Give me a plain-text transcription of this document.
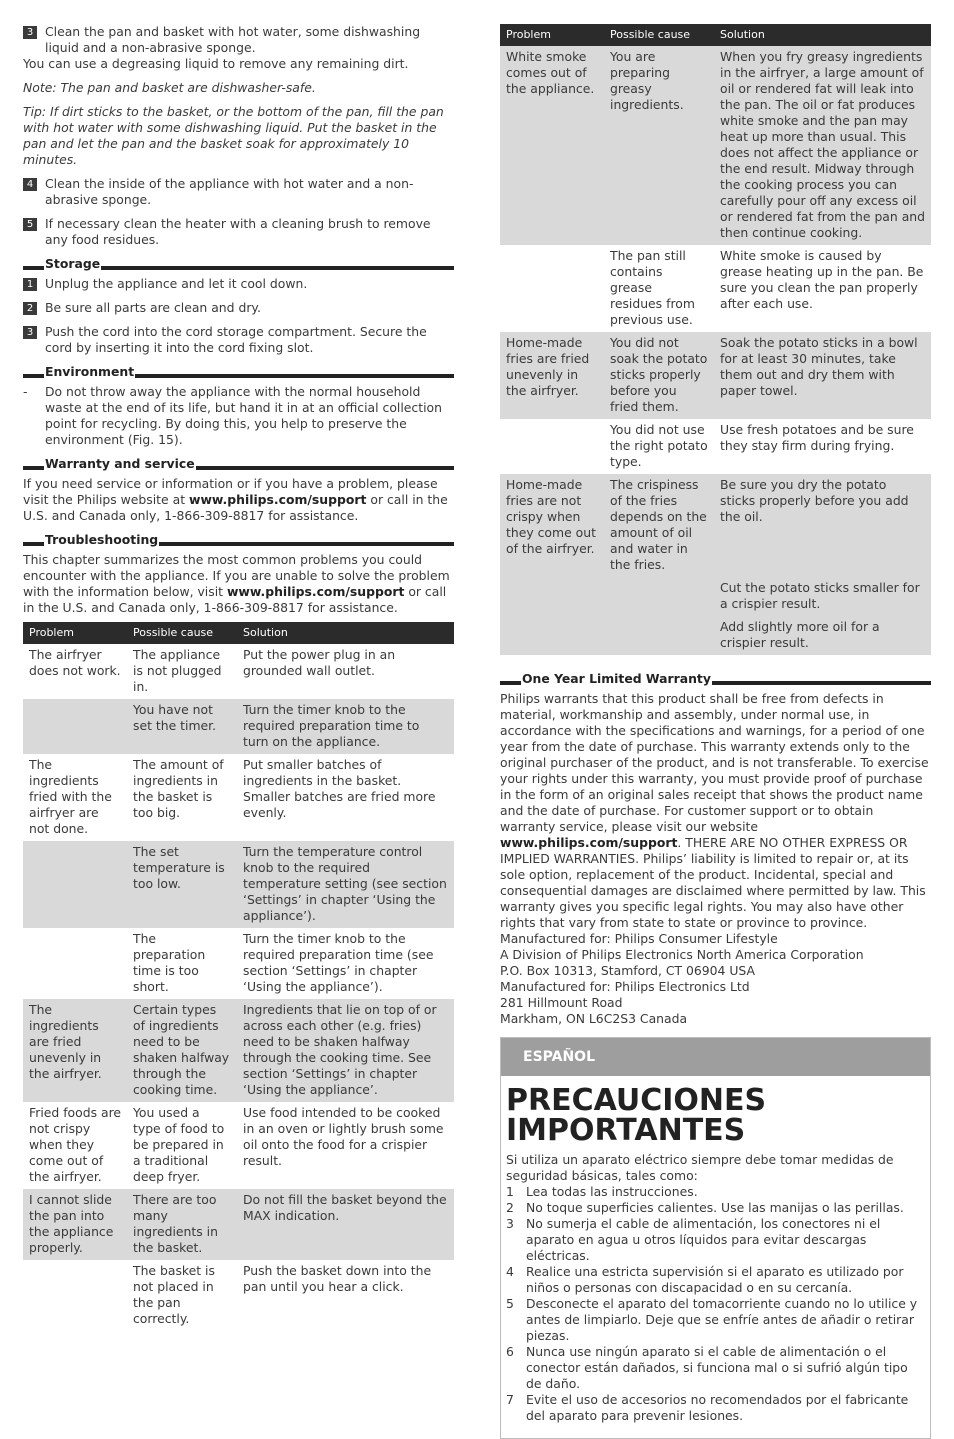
3 Clean the pan and basket with hot water, some dishwashing liquid and a non-abrasive sponge.

You can use a degreasing liquid to remove any remaining dirt.

Note: The pan and basket are dishwasher-safe.

Tip: If dirt sticks to the basket, or the bottom of the pan, fill the pan with hot water with some dishwashing liquid. Put the basket in the pan and let the pan and the basket soak for approximately 10 minutes.

4 Clean the inside of the appliance with hot water and a non-abrasive sponge.
5 If necessary clean the heater with a cleaning brush to remove any food residues.
Storage
1 Unplug the appliance and let it cool down.
2 Be sure all parts are clean and dry.
3 Push the cord into the cord storage compartment. Secure the cord by inserting it into the cord fixing slot.
Environment
-	Do not throw away the appliance with the normal household waste at the end of its life, but hand it in at an official collection point for recycling. By doing this, you help to preserve the environment (Fig. 15).
Warranty and service

If you need service or information or if you have a problem, please visit the Philips website at www.philips.com/support or call in the U.S. and Canada only, 1-866-309-8817 for assistance.

Troubleshooting

This chapter summarizes the most common problems you could encounter with the appliance. If you are unable to solve the problem with the information below, visit www.philips.com/support or call in the U.S. and Canada only, 1-866-309-8817 for assistance.

Problem	Possible cause	Solution
The airfryer does not work.	The appliance is not plugged in.	Put the power plug in an grounded wall outlet.
	You have not set the timer.	Turn the timer knob to the required preparation time to turn on the appliance.
The ingredients fried with the airfryer are not done.	The amount of ingredients in the basket is too big.	Put smaller batches of ingredients in the basket. Smaller batches are fried more evenly.
	The set temperature is too low.	Turn the temperature control knob to the required temperature setting (see section ‘Settings’ in chapter ‘Using the appliance’).
	The preparation time is too short.	Turn the timer knob to the required preparation time (see section ‘Settings’ in chapter ‘Using the appliance’).
The ingredients are fried unevenly in the airfryer.	Certain types of ingredients need to be shaken halfway through the cooking time.	Ingredients that lie on top of or across each other (e.g. fries) need to be shaken halfway through the cooking time. See section ‘Settings’ in chapter ‘Using the appliance’.
Fried foods are not crispy when they come out of the airfryer.	You used a type of food to be prepared in a traditional deep fryer.	Use food intended to be cooked in an oven or lightly brush some oil onto the food for a crispier result.
I cannot slide the pan into the appliance properly.	There are too many ingredients in the basket.	Do not fill the basket beyond the MAX indication.
	The basket is not placed in the pan correctly.	Push the basket down into the pan until you hear a click.
Problem	Possible cause	Solution
White smoke comes out of the appliance.	You are preparing greasy ingredients.	When you fry greasy ingredients in the airfryer, a large amount of oil or rendered fat will leak into the pan. The oil or fat produces white smoke and the pan may heat up more than usual. This does not affect the appliance or the end result. Midway through the cooking process you can carefully pour off any excess oil or rendered fat from the pan and then continue cooking.
	The pan still contains grease residues from previous use.	White smoke is caused by grease heating up in the pan. Be sure you clean the pan properly after each use.
Home-made fries are fried unevenly in the airfryer.	You did not soak the potato sticks properly before you fried them.	Soak the potato sticks in a bowl for at least 30 minutes, take them out and dry them with paper towel.
	You did not use the right potato type.	Use fresh potatoes and be sure they stay firm during frying.
Home-made fries are not crispy when they come out of the airfryer.	The crispiness of the fries depends on the amount of oil and water in the fries.	Be sure you dry the potato sticks properly before you add the oil.
		Cut the potato sticks smaller for a crispier result.
		Add slightly more oil for a crispier result.
One Year Limited Warranty

Philips warrants that this product shall be free from defects in material, workmanship and assembly, under normal use, in accordance with the specifications and warnings, for a period of one year from the date of purchase. This warranty extends only to the original purchaser of the product, and is not transferable. To exercise your rights under this warranty, you must provide proof of purchase in the form of an original sales receipt that shows the product name and the date of purchase. For customer support or to obtain warranty service, please visit our website www.philips.com/support. THERE ARE NO OTHER EXPRESS OR IMPLIED WARRANTIES. Philips’ liability is limited to repair or, at its sole option, replacement of the product. Incidental, special and consequential damages are disclaimed where permitted by law. This warranty gives you specific legal rights. You may also have other rights that vary from state to state or province to province.

Manufactured for: Philips Consumer Lifestyle

A Division of Philips Electronics North America Corporation

P.O. Box 10313, Stamford, CT 06904 USA

Manufactured for: Philips Electronics Ltd

281 Hillmount Road

Markham, ON L6C2S3 Canada

ESPAÑOL
PRECAUCIONES
IMPORTANTES

Si utiliza un aparato eléctrico siempre debe tomar medidas de seguridad básicas, tales como:

1 Lea todas las instrucciones.
2 No toque superficies calientes. Use las manijas o las perillas.
3 No sumerja el cable de alimentación, los conectores ni el aparato en agua u otros líquidos para evitar descargas eléctricas.
4 Realice una estricta supervisión si el aparato es utilizado por niños o personas con discapacidad o en su cercanía.
5 Desconecte el aparato del tomacorriente cuando no lo utilice y antes de limpiarlo. Deje que se enfríe antes de añadir o retirar piezas.
6 Nunca use ningún aparato si el cable de alimentación o el conector están dañados, si funciona mal o si sufrió algún tipo de daño.
7 Evite el uso de accesorios no recomendados por el fabricante del aparato para prevenir lesiones.
